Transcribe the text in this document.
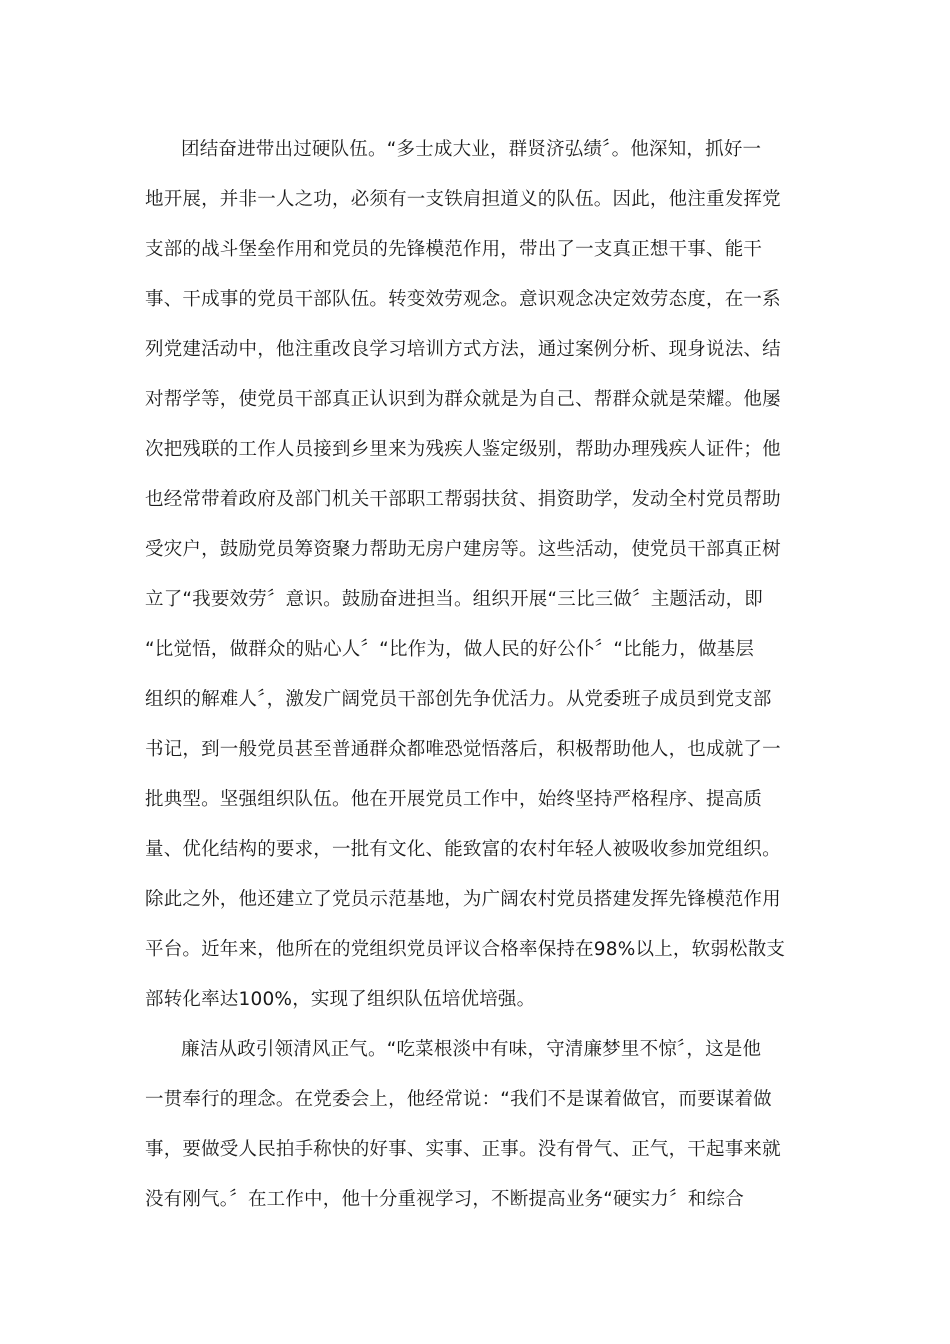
团结奋进带出过硬队伍。“多士成大业，群贤济弘绩〞。他深知，抓好一
地开展，并非一人之功，必须有一支铁肩担道义的队伍。因此，他注重发挥党
支部的战斗堡垒作用和党员的先锋模范作用，带出了一支真正想干事、能干
事、干成事的党员干部队伍。转变效劳观念。意识观念决定效劳态度，在一系
列党建活动中，他注重改良学习培训方式方法，通过案例分析、现身说法、结
对帮学等，使党员干部真正认识到为群众就是为自己、帮群众就是荣耀。他屡
次把残联的工作人员接到乡里来为残疾人鉴定级别，帮助办理残疾人证件；他
也经常带着政府及部门机关干部职工帮弱扶贫、捐资助学，发动全村党员帮助
受灾户，鼓励党员筹资聚力帮助无房户建房等。这些活动，使党员干部真正树
立了“我要效劳〞意识。鼓励奋进担当。组织开展“三比三做〞主题活动，即
“比觉悟，做群众的贴心人〞“比作为，做人民的好公仆〞“比能力，做基层
组织的解难人〞，激发广阔党员干部创先争优活力。从党委班子成员到党支部
书记，到一般党员甚至普通群众都唯恐觉悟落后，积极帮助他人，也成就了一
批典型。坚强组织队伍。他在开展党员工作中，始终坚持严格程序、提高质
量、优化结构的要求，一批有文化、能致富的农村年轻人被吸收参加党组织。
除此之外，他还建立了党员示范基地，为广阔农村党员搭建发挥先锋模范作用
平台。近年来，他所在的党组织党员评议合格率保持在98%以上，软弱松散支
部转化率达100%，实现了组织队伍培优培强。
廉洁从政引领清风正气。“吃菜根淡中有味，守清廉梦里不惊〞，这是他
一贯奉行的理念。在党委会上，他经常说：“我们不是谋着做官，而要谋着做
事，要做受人民拍手称快的好事、实事、正事。没有骨气、正气，干起事来就
没有刚气。〞在工作中，他十分重视学习，不断提高业务“硬实力〞和综合
